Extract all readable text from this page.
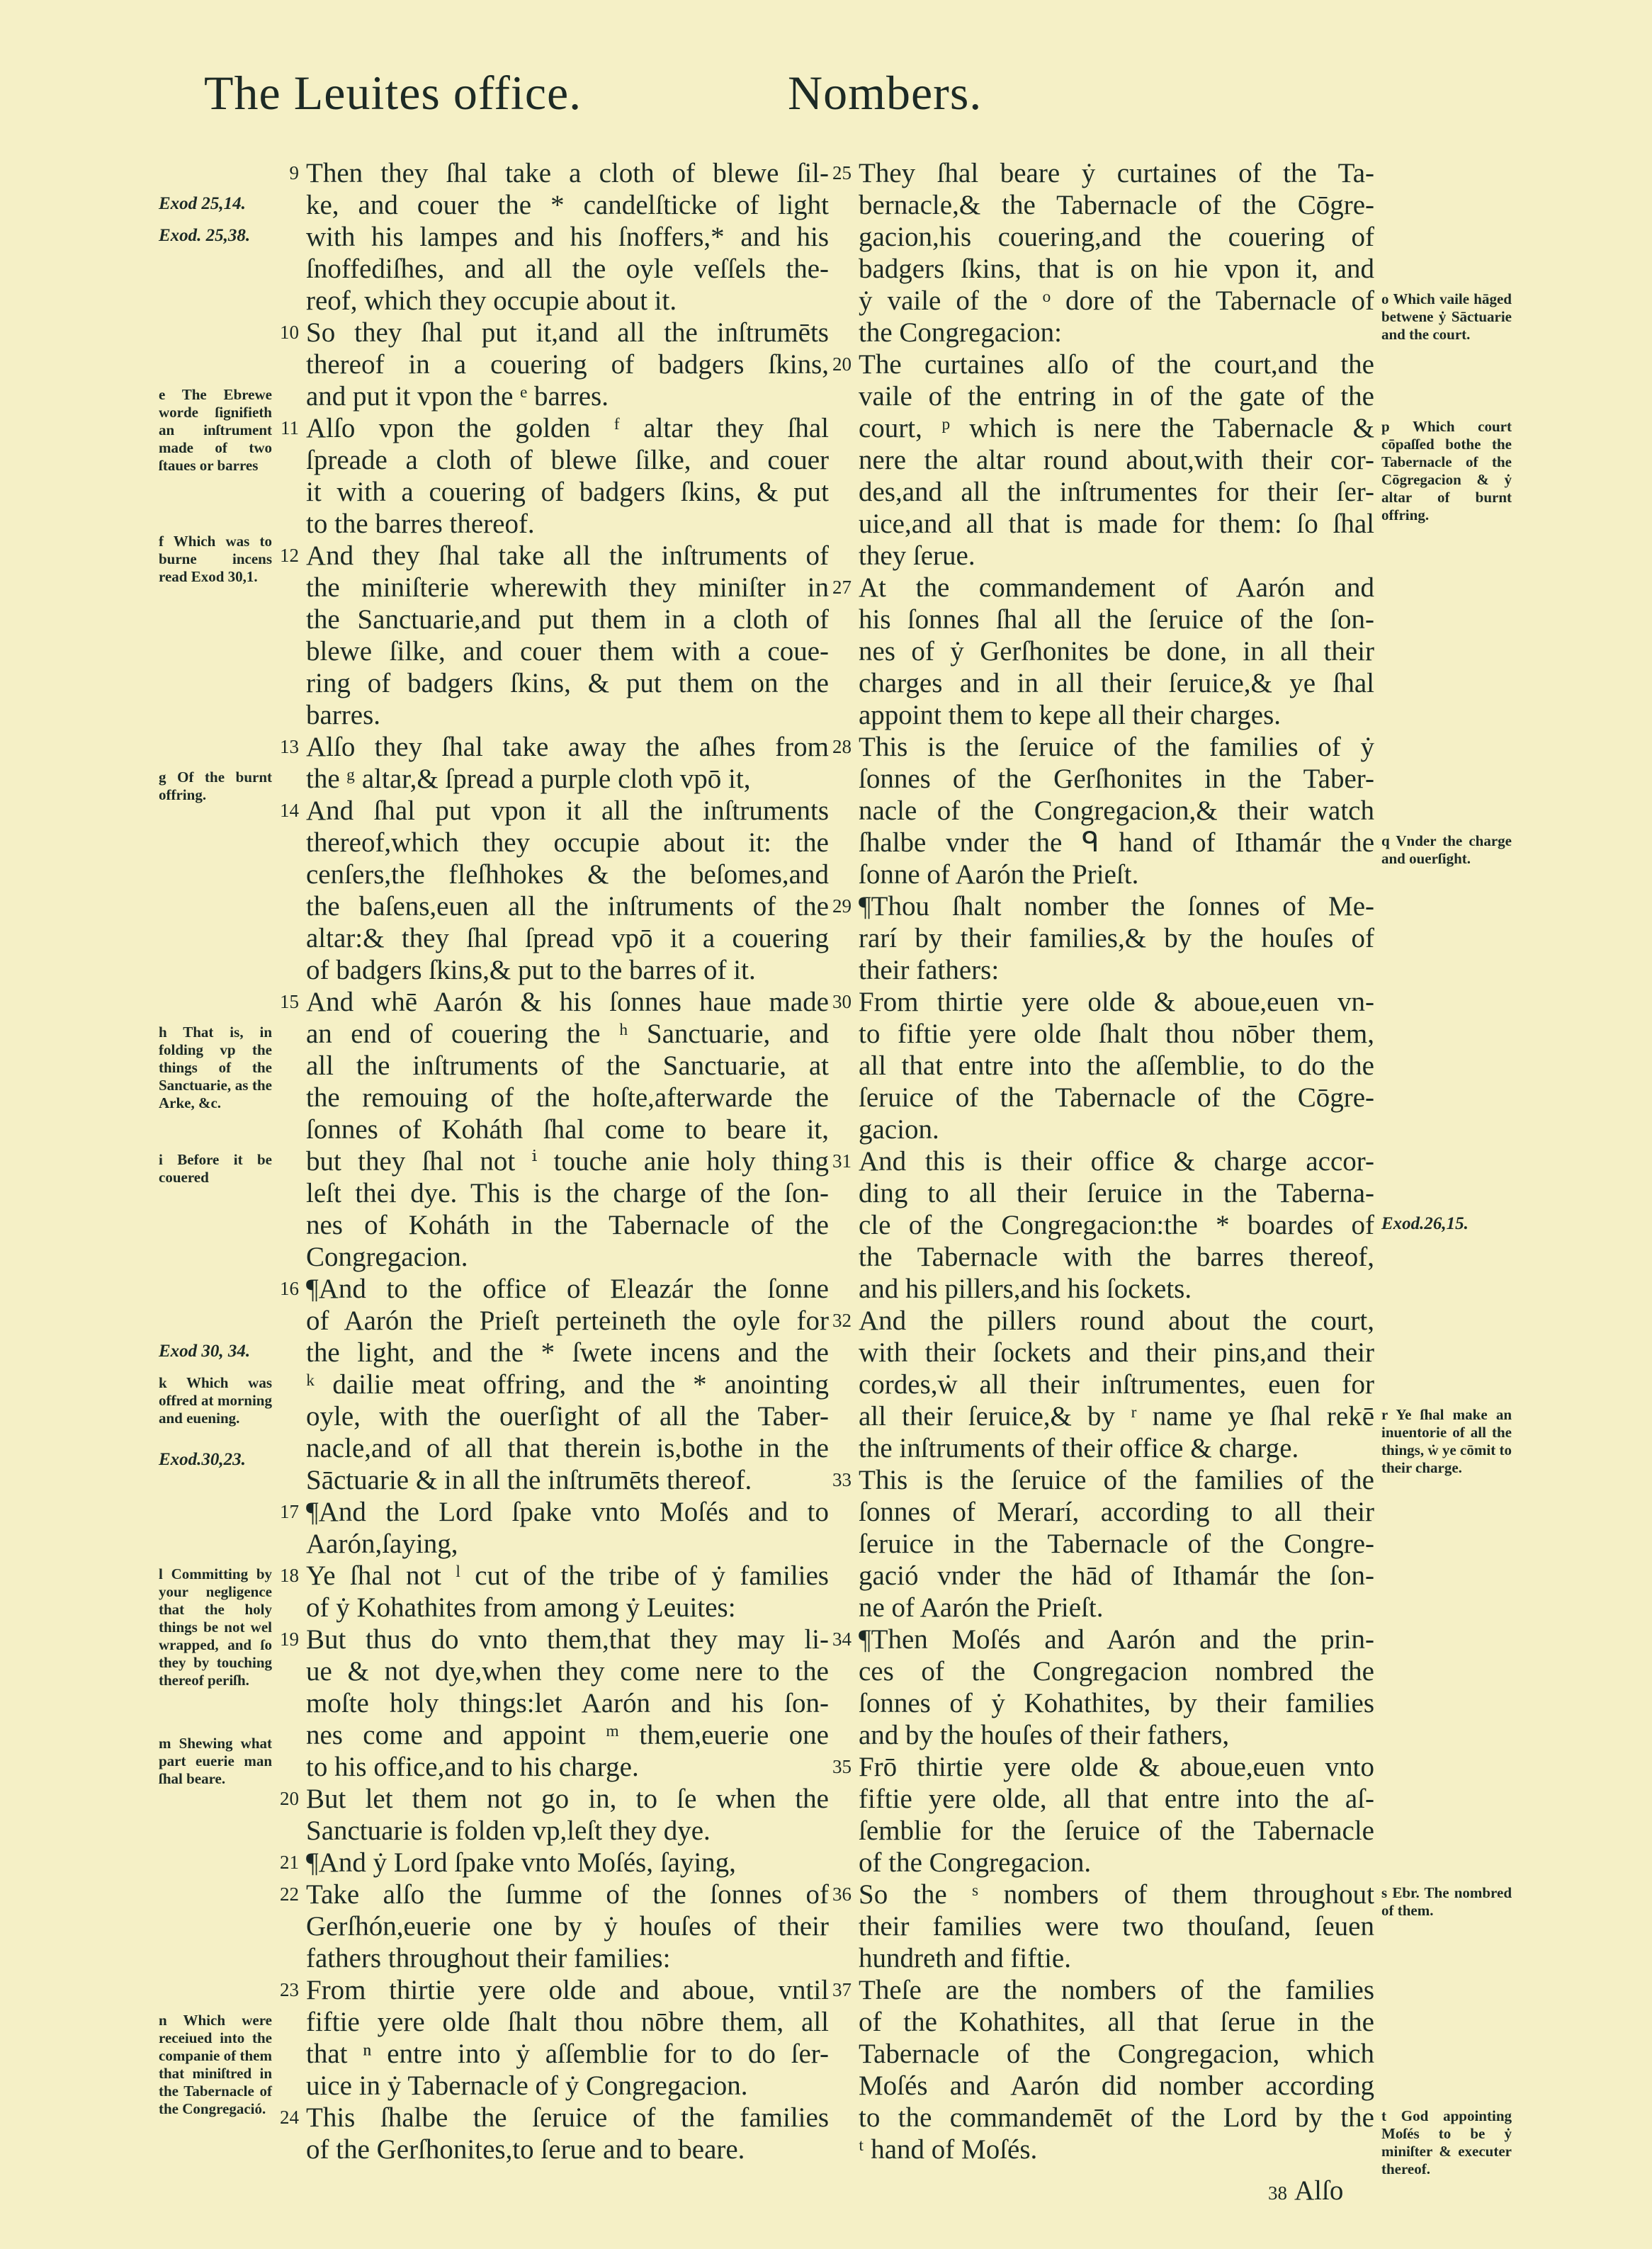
The Leuites office.	Nombers.
9 Then they ſhal take a cloth of blewe ſil-
ke, and couer the * candelſticke of light
with his lampes and his ſnoffers,* and his
ſnoffediſhes, and all the oyle veſſels the-
reof, which they occupie about it.
10 So they ſhal put it,and all the inſtrumēts
thereof in a couering of badgers ſkins,
and put it vpon the ᵉ barres.
11 Alſo vpon the golden ᶠ altar they ſhal
ſpreade a cloth of blewe ſilke, and couer
it with a couering of badgers ſkins, & put
to the barres thereof.
12 And they ſhal take all the inſtruments of
the miniſterie wherewith they miniſter in
the Sanctuarie,and put them in a cloth of
blewe ſilke, and couer them with a coue-
ring of badgers ſkins, & put them on the
barres.
13 Alſo they ſhal take away the aſhes from
the ᵍ altar,& ſpread a purple cloth vpō it,
14 And ſhal put vpon it all the inſtruments
thereof,which they occupie about it: the
cenſers,the fleſhhokes & the beſomes,and
the baſens,euen all the inſtruments of the
altar:& they ſhal ſpread vpō it a couering
of badgers ſkins,& put to the barres of it.
15 And whē Aarón & his ſonnes haue made
an end of couering the ʰ Sanctuarie, and
all the inſtruments of the Sanctuarie, at
the remouing of the hoſte,afterwarde the
ſonnes of Koháth ſhal come to beare it,
but they ſhal not ⁱ touche anie holy thing
leſt thei dye. This is the charge of the ſon-
nes of Koháth in the Tabernacle of the
Congregacion.
16 ¶And to the office of Eleazár the ſonne
of Aarón the Prieſt perteineth the oyle for
the light, and the * ſwete incens and the
ᵏ dailie meat offring, and the * anointing
oyle, with the ouerſight of all the Taber-
nacle,and of all that therein is,bothe in the
Sāctuarie & in all the inſtrumēts thereof.
17 ¶And the Lord ſpake vnto Moſés and to
Aarón,ſaying,
18 Ye ſhal not ˡ cut of the tribe of ẏ families
of ẏ Kohathites from among ẏ Leuites:
19 But thus do vnto them,that they may li-
ue & not dye,when they come nere to the
moſte holy things:let Aarón and his ſon-
nes come and appoint ᵐ them,euerie one
to his office,and to his charge.
20 But let them not go in, to ſe when the
Sanctuarie is folden vp,leſt they dye.
21 ¶And ẏ Lord ſpake vnto Moſés, ſaying,
22 Take alſo the ſumme of the ſonnes of
Gerſhón,euerie one by ẏ houſes of their
fathers throughout their families:
23 From thirtie yere olde and aboue, vntil
fiftie yere olde ſhalt thou nōbre them, all
that ⁿ entre into ẏ aſſemblie for to do ſer-
uice in ẏ Tabernacle of ẏ Congregacion.
24 This ſhalbe the ſeruice of the families
of the Gerſhonites,to ſerue and to beare.
25 They ſhal beare ẏ curtaines of the Ta-
bernacle,& the Tabernacle of the Cōgre-
gacion,his couering,and the couering of
badgers ſkins, that is on hie vpon it, and
ẏ vaile of the ᵒ dore of the Tabernacle of
the Congregacion:
20 The curtaines alſo of the court,and the
vaile of the entring in of the gate of the
court, ᵖ which is nere the Tabernacle &
nere the altar round about,with their cor-
des,and all the inſtrumentes for their ſer-
uice,and all that is made for them: ſo ſhal
they ſerue.
27 At the commandement of Aarón and
his ſonnes ſhal all the ſeruice of the ſon-
nes of ẏ Gerſhonites be done, in all their
charges and in all their ſeruice,& ye ſhal
appoint them to kepe all their charges.
28 This is the ſeruice of the families of ẏ
ſonnes of the Gerſhonites in the Taber-
nacle of the Congregacion,& their watch
ſhalbe vnder the ᑫ hand of Ithamár the
ſonne of Aarón the Prieſt.
29 ¶Thou ſhalt nomber the ſonnes of Me-
rarí by their families,& by the houſes of
their fathers:
30 From thirtie yere olde & aboue,euen vn-
to fiftie yere olde ſhalt thou nōber them,
all that entre into the aſſemblie, to do the
ſeruice of the Tabernacle of the Cōgre-
gacion.
31 And this is their office & charge accor-
ding to all their ſeruice in the Taberna-
cle of the Congregacion:the * boardes of
the Tabernacle with the barres thereof,
and his pillers,and his ſockets.
32 And the pillers round about the court,
with their ſockets and their pins,and their
cordes,ẇ all their inſtrumentes, euen for
all their ſeruice,& by ʳ name ye ſhal rekē
the inſtruments of their office & charge.
33 This is the ſeruice of the families of the
ſonnes of Merarí, according to all their
ſeruice in the Tabernacle of the Congre-
gació vnder the hād of Ithamár the ſon-
ne of Aarón the Prieſt.
34 ¶Then Moſés and Aarón and the prin-
ces of the Congregacion nombred the
ſonnes of ẏ Kohathites, by their families
and by the houſes of their fathers,
35 Frō thirtie yere olde & aboue,euen vnto
fiftie yere olde, all that entre into the aſ-
ſemblie for the ſeruice of the Tabernacle
of the Congregacion.
36 So the ˢ nombers of them throughout
their families were two thouſand, ſeuen
hundreth and fiftie.
37 Theſe are the nombers of the families
of the Kohathites, all that ſerue in the
Tabernacle of the Congregacion, which
Moſés and Aarón did nomber according
to the commandemēt of the Lord by the
ᵗ hand of Moſés.
Exod 25,14.
Exod. 25,38.
e The Ebrewe worde ſignifieth an inſtrument made of two ſtaues or barres
f Which was to burne incens read Exod 30,1.
g Of the burnt offring.
h That is, in folding vp the things of the Sanctuarie, as the Arke, &c.
i Before it be couered
Exod 30, 34.
k Which was offred at morning and euening.
Exod.30,23.
l Committing by your negligence that the holy things be not wel wrapped, and ſo they by touching thereof periſh.
m Shewing what part euerie man ſhal beare.
n Which were receiued into the companie of them that miniſtred in the Tabernacle of the Congregació.
o Which vaile hāged betwene ẏ Sāctuarie and the court.
p Which court cōpaſſed bothe the Tabernacle of the Cōgregacion & ẏ altar of burnt offring.
q Vnder the charge and ouerſight.
Exod.26,15.
r Ye ſhal make an inuentorie of all the things, ẇ ye cōmit to their charge.
s Ebr. The nombred of them.
t God appointing Moſés to be ẏ miniſter & executer thereof.
38 Alſo
